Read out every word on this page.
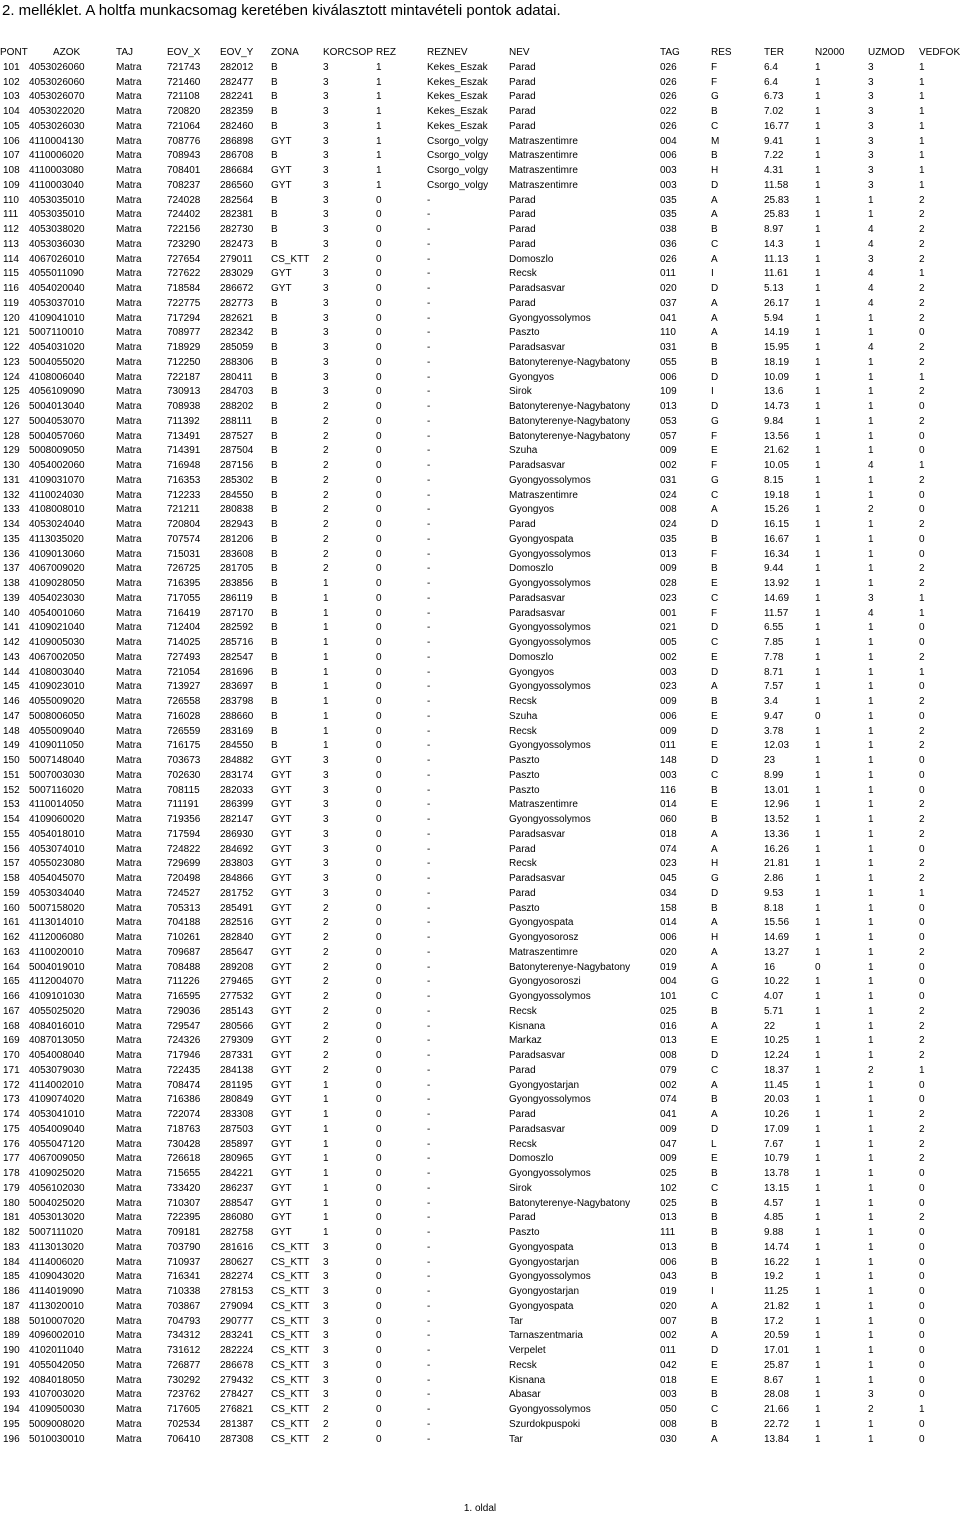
2. melléklet. A holtfa munkacsomag keretében kiválasztott mintavételi pontok adatai.
PONT	AZOK	TAJ	EOV_X EOV_Y ZONA KORCSOP REZ	REZNEV	NEV	TAG	RES	TER	N2000 UZMOD VEDFOK
101 4053026060	Matra	721743 282012 B	3	1	Kekes_Eszak Parad	026	F	6.4	1	3	1
102 4053026060	Matra	721460 282477 B	3	1	Kekes_Eszak Parad	026	F	6.4	1	3	1
103 4053026070	Matra	721108 282241 B	3	1	Kekes_Eszak Parad	026	G	6.73	1	3	1
104 4053022020	Matra	720820 282359 B	3	1	Kekes_Eszak Parad	022	B	7.02	1	3	1
105 4053026030	Matra	721064 282460 B	3	1	Kekes_Eszak Parad	026	C	16.77	1	3	1
106 4110004130	Matra	708776 286898 GYT	3	1	Csorgo_volgy Matraszentimre	004	M	9.41	1	3	1
107 4110006020	Matra	708943 286708 B	3	1	Csorgo_volgy Matraszentimre	006	B	7.22	1	3	1
108 4110003080	Matra	708401 286684 GYT	3	1	Csorgo_volgy Matraszentimre	003	H	4.31	1	3	1
109 4110003040	Matra	708237 286560 GYT	3	1	Csorgo_volgy Matraszentimre	003	D	11.58	1	3	1
110 4053035010	Matra	724028 282564 B	3	0	-	Parad	035	A	25.83	1	1	2
111 4053035010	Matra	724402 282381 B	3	0	-	Parad	035	A	25.83	1	1	2
112 4053038020	Matra	722156 282730 B	3	0	-	Parad	038	B	8.97	1	4	2
113 4053036030	Matra	723290 282473 B	3	0	-	Parad	036	C	14.3	1	4	2
114 4067026010	Matra	727654 279011 CS_KTT 2	0	-	Domoszlo	026	A	11.13	1	3	2
115 4055011090	Matra	727622 283029 GYT	3	0	-	Recsk	011	I	11.61	1	4	1
116 4054020040	Matra	718584 286672 GYT	3	0	-	Paradsasvar	020	D	5.13	1	4	2
119 4053037010	Matra	722775 282773 B	3	0	-	Parad	037	A	26.17	1	4	2
120 4109041010	Matra	717294 282621 B	3	0	-	Gyongyossolymos	041	A	5.94	1	1	2
121 5007110010	Matra	708977 282342 B	3	0	-	Paszto	110	A	14.19	1	1	0
122 4054031020	Matra	718929 285059 B	3	0	-	Paradsasvar	031	B	15.95	1	4	2
123 5004055020	Matra	712250 288306 B	3	0	-	Batonyterenye-Nagybatony	055	B	18.19	1	1	2
124 4108006040	Matra	722187 280411 B	3	0	-	Gyongyos	006	D	10.09	1	1	1
125 4056109090	Matra	730913 284703 B	3	0	-	Sirok	109	I	13.6	1	1	2
126 5004013040	Matra	708938 288202 B	2	0	-	Batonyterenye-Nagybatony	013	D	14.73	1	1	0
127 5004053070	Matra	711392 288111 B	2	0	-	Batonyterenye-Nagybatony	053	G	9.84	1	1	2
128 5004057060	Matra	713491 287527 B	2	0	-	Batonyterenye-Nagybatony	057	F	13.56	1	1	0
129 5008009050	Matra	714391 287504 B	2	0	-	Szuha	009	E	21.62	1	1	0
130 4054002060	Matra	716948 287156 B	2	0	-	Paradsasvar	002	F	10.05	1	4	1
131 4109031070	Matra	716353 285302 B	2	0	-	Gyongyossolymos	031	G	8.15	1	1	2
132 4110024030	Matra	712233 284550 B	2	0	-	Matraszentimre	024	C	19.18	1	1	0
133 4108008010	Matra	721211 280838 B	2	0	-	Gyongyos	008	A	15.26	1	2	0
134 4053024040	Matra	720804 282943 B	2	0	-	Parad	024	D	16.15	1	1	2
135 4113035020	Matra	707574 281206 B	2	0	-	Gyongyospata	035	B	16.67	1	1	0
136 4109013060	Matra	715031 283608 B	2	0	-	Gyongyossolymos	013	F	16.34	1	1	0
137 4067009020	Matra	726725 281705 B	2	0	-	Domoszlo	009	B	9.44	1	1	2
138 4109028050	Matra	716395 283856 B	1	0	-	Gyongyossolymos	028	E	13.92	1	1	2
139 4054023030	Matra	717055 286119 B	1	0	-	Paradsasvar	023	C	14.69	1	3	1
140 4054001060	Matra	716419 287170 B	1	0	-	Paradsasvar	001	F	11.57	1	4	1
141 4109021040	Matra	712404 282592 B	1	0	-	Gyongyossolymos	021	D	6.55	1	1	0
142 4109005030	Matra	714025 285716 B	1	0	-	Gyongyossolymos	005	C	7.85	1	1	0
143 4067002050	Matra	727493 282547 B	1	0	-	Domoszlo	002	E	7.78	1	1	2
144 4108003040	Matra	721054 281696 B	1	0	-	Gyongyos	003	D	8.71	1	1	1
145 4109023010	Matra	713927 283697 B	1	0	-	Gyongyossolymos	023	A	7.57	1	1	0
146 4055009020	Matra	726558 283798 B	1	0	-	Recsk	009	B	3.4	1	1	2
147 5008006050	Matra	716028 288660 B	1	0	-	Szuha	006	E	9.47	0	1	0
148 4055009040	Matra	726559 283169 B	1	0	-	Recsk	009	D	3.78	1	1	2
149 4109011050	Matra	716175 284550 B	1	0	-	Gyongyossolymos	011	E	12.03	1	1	2
150 5007148040	Matra	703673 284882 GYT	3	0	-	Paszto	148	D	23	1	1	0
151 5007003030	Matra	702630 283174 GYT	3	0	-	Paszto	003	C	8.99	1	1	0
152 5007116020	Matra	708115 282033 GYT	3	0	-	Paszto	116	B	13.01	1	1	0
153 4110014050	Matra	711191 286399 GYT	3	0	-	Matraszentimre	014	E	12.96	1	1	2
154 4109060020	Matra	719356 282147 GYT	3	0	-	Gyongyossolymos	060	B	13.52	1	1	2
155 4054018010	Matra	717594 286930 GYT	3	0	-	Paradsasvar	018	A	13.36	1	1	2
156 4053074010	Matra	724822 284692 GYT	3	0	-	Parad	074	A	16.26	1	1	0
157 4055023080	Matra	729699 283803 GYT	3	0	-	Recsk	023	H	21.81	1	1	2
158 4054045070	Matra	720498 284866 GYT	3	0	-	Paradsasvar	045	G	2.86	1	1	2
159 4053034040	Matra	724527 281752 GYT	3	0	-	Parad	034	D	9.53	1	1	1
160 5007158020	Matra	705313 285491 GYT	2	0	-	Paszto	158	B	8.18	1	1	0
161 4113014010	Matra	704188 282516 GYT	2	0	-	Gyongyospata	014	A	15.56	1	1	0
162 4112006080	Matra	710261 282840 GYT	2	0	-	Gyongyosorosz	006	H	14.69	1	1	0
163 4110020010	Matra	709687 285647 GYT	2	0	-	Matraszentimre	020	A	13.27	1	1	2
164 5004019010	Matra	708488 289208 GYT	2	0	-	Batonyterenye-Nagybatony	019	A	16	0	1	0
165 4112004070	Matra	711226 279465 GYT	2	0	-	Gyongyosoroszi	004	G	10.22	1	1	0
166 4109101030	Matra	716595 277532 GYT	2	0	-	Gyongyossolymos	101	C	4.07	1	1	0
167 4055025020	Matra	729036 285143 GYT	2	0	-	Recsk	025	B	5.71	1	1	2
168 4084016010	Matra	729547 280566 GYT	2	0	-	Kisnana	016	A	22	1	1	2
169 4087013050	Matra	724326 279309 GYT	2	0	-	Markaz	013	E	10.25	1	1	2
170 4054008040	Matra	717946 287331 GYT	2	0	-	Paradsasvar	008	D	12.24	1	1	2
171 4053079030	Matra	722435 284138 GYT	2	0	-	Parad	079	C	18.37	1	2	1
172 4114002010	Matra	708474 281195 GYT	1	0	-	Gyongyostarjan	002	A	11.45	1	1	0
173 4109074020	Matra	716386 280849 GYT	1	0	-	Gyongyossolymos	074	B	20.03	1	1	0
174 4053041010	Matra	722074 283308 GYT	1	0	-	Parad	041	A	10.26	1	1	2
175 4054009040	Matra	718763 287503 GYT	1	0	-	Paradsasvar	009	D	17.09	1	1	2
176 4055047120	Matra	730428 285897 GYT	1	0	-	Recsk	047	L	7.67	1	1	2
177 4067009050	Matra	726618 280965 GYT	1	0	-	Domoszlo	009	E	10.79	1	1	2
178 4109025020	Matra	715655 284221 GYT	1	0	-	Gyongyossolymos	025	B	13.78	1	1	0
179 4056102030	Matra	733420 286237 GYT	1	0	-	Sirok	102	C	13.15	1	1	0
180 5004025020	Matra	710307 288547 GYT	1	0	-	Batonyterenye-Nagybatony	025	B	4.57	1	1	0
181 4053013020	Matra	722395 286080 GYT	1	0	-	Parad	013	B	4.85	1	1	2
182 5007111020	Matra	709181 282758 GYT	1	0	-	Paszto	111	B	9.88	1	1	0
183 4113013020	Matra	703790 281616 CS_KTT 3	0	-	Gyongyospata	013	B	14.74	1	1	0
184 4114006020	Matra	710937 280627 CS_KTT 3	0	-	Gyongyostarjan	006	B	16.22	1	1	0
185 4109043020	Matra	716341 282274 CS_KTT 3	0	-	Gyongyossolymos	043	B	19.2	1	1	0
186 4114019090	Matra	710338 278153 CS_KTT 3	0	-	Gyongyostarjan	019	I	11.25	1	1	0
187 4113020010	Matra	703867 279094 CS_KTT 3	0	-	Gyongyospata	020	A	21.82	1	1	0
188 5010007020	Matra	704793 290777 CS_KTT 3	0	-	Tar	007	B	17.2	1	1	0
189 4096002010	Matra	734312 283241 CS_KTT 3	0	-	Tarnaszentmaria	002	A	20.59	1	1	0
190 4102011040	Matra	731612 282224 CS_KTT 3	0	-	Verpelet	011	D	17.01	1	1	0
191 4055042050	Matra	726877 286678 CS_KTT 3	0	-	Recsk	042	E	25.87	1	1	0
192 4084018050	Matra	730292 279432 CS_KTT 3	0	-	Kisnana	018	E	8.67	1	1	0
193 4107003020	Matra	723762 278427 CS_KTT 3	0	-	Abasar	003	B	28.08	1	3	0
194 4109050030	Matra	717605 276821 CS_KTT 2	0	-	Gyongyossolymos	050	C	21.66	1	2	1
195 5009008020	Matra	702534 281387 CS_KTT 2	0	-	Szurdokpuspoki	008	B	22.72	1	1	0
196 5010030010	Matra	706410 287308 CS_KTT 2	0	-	Tar	030	A	13.84	1	1	0
1. oldal
